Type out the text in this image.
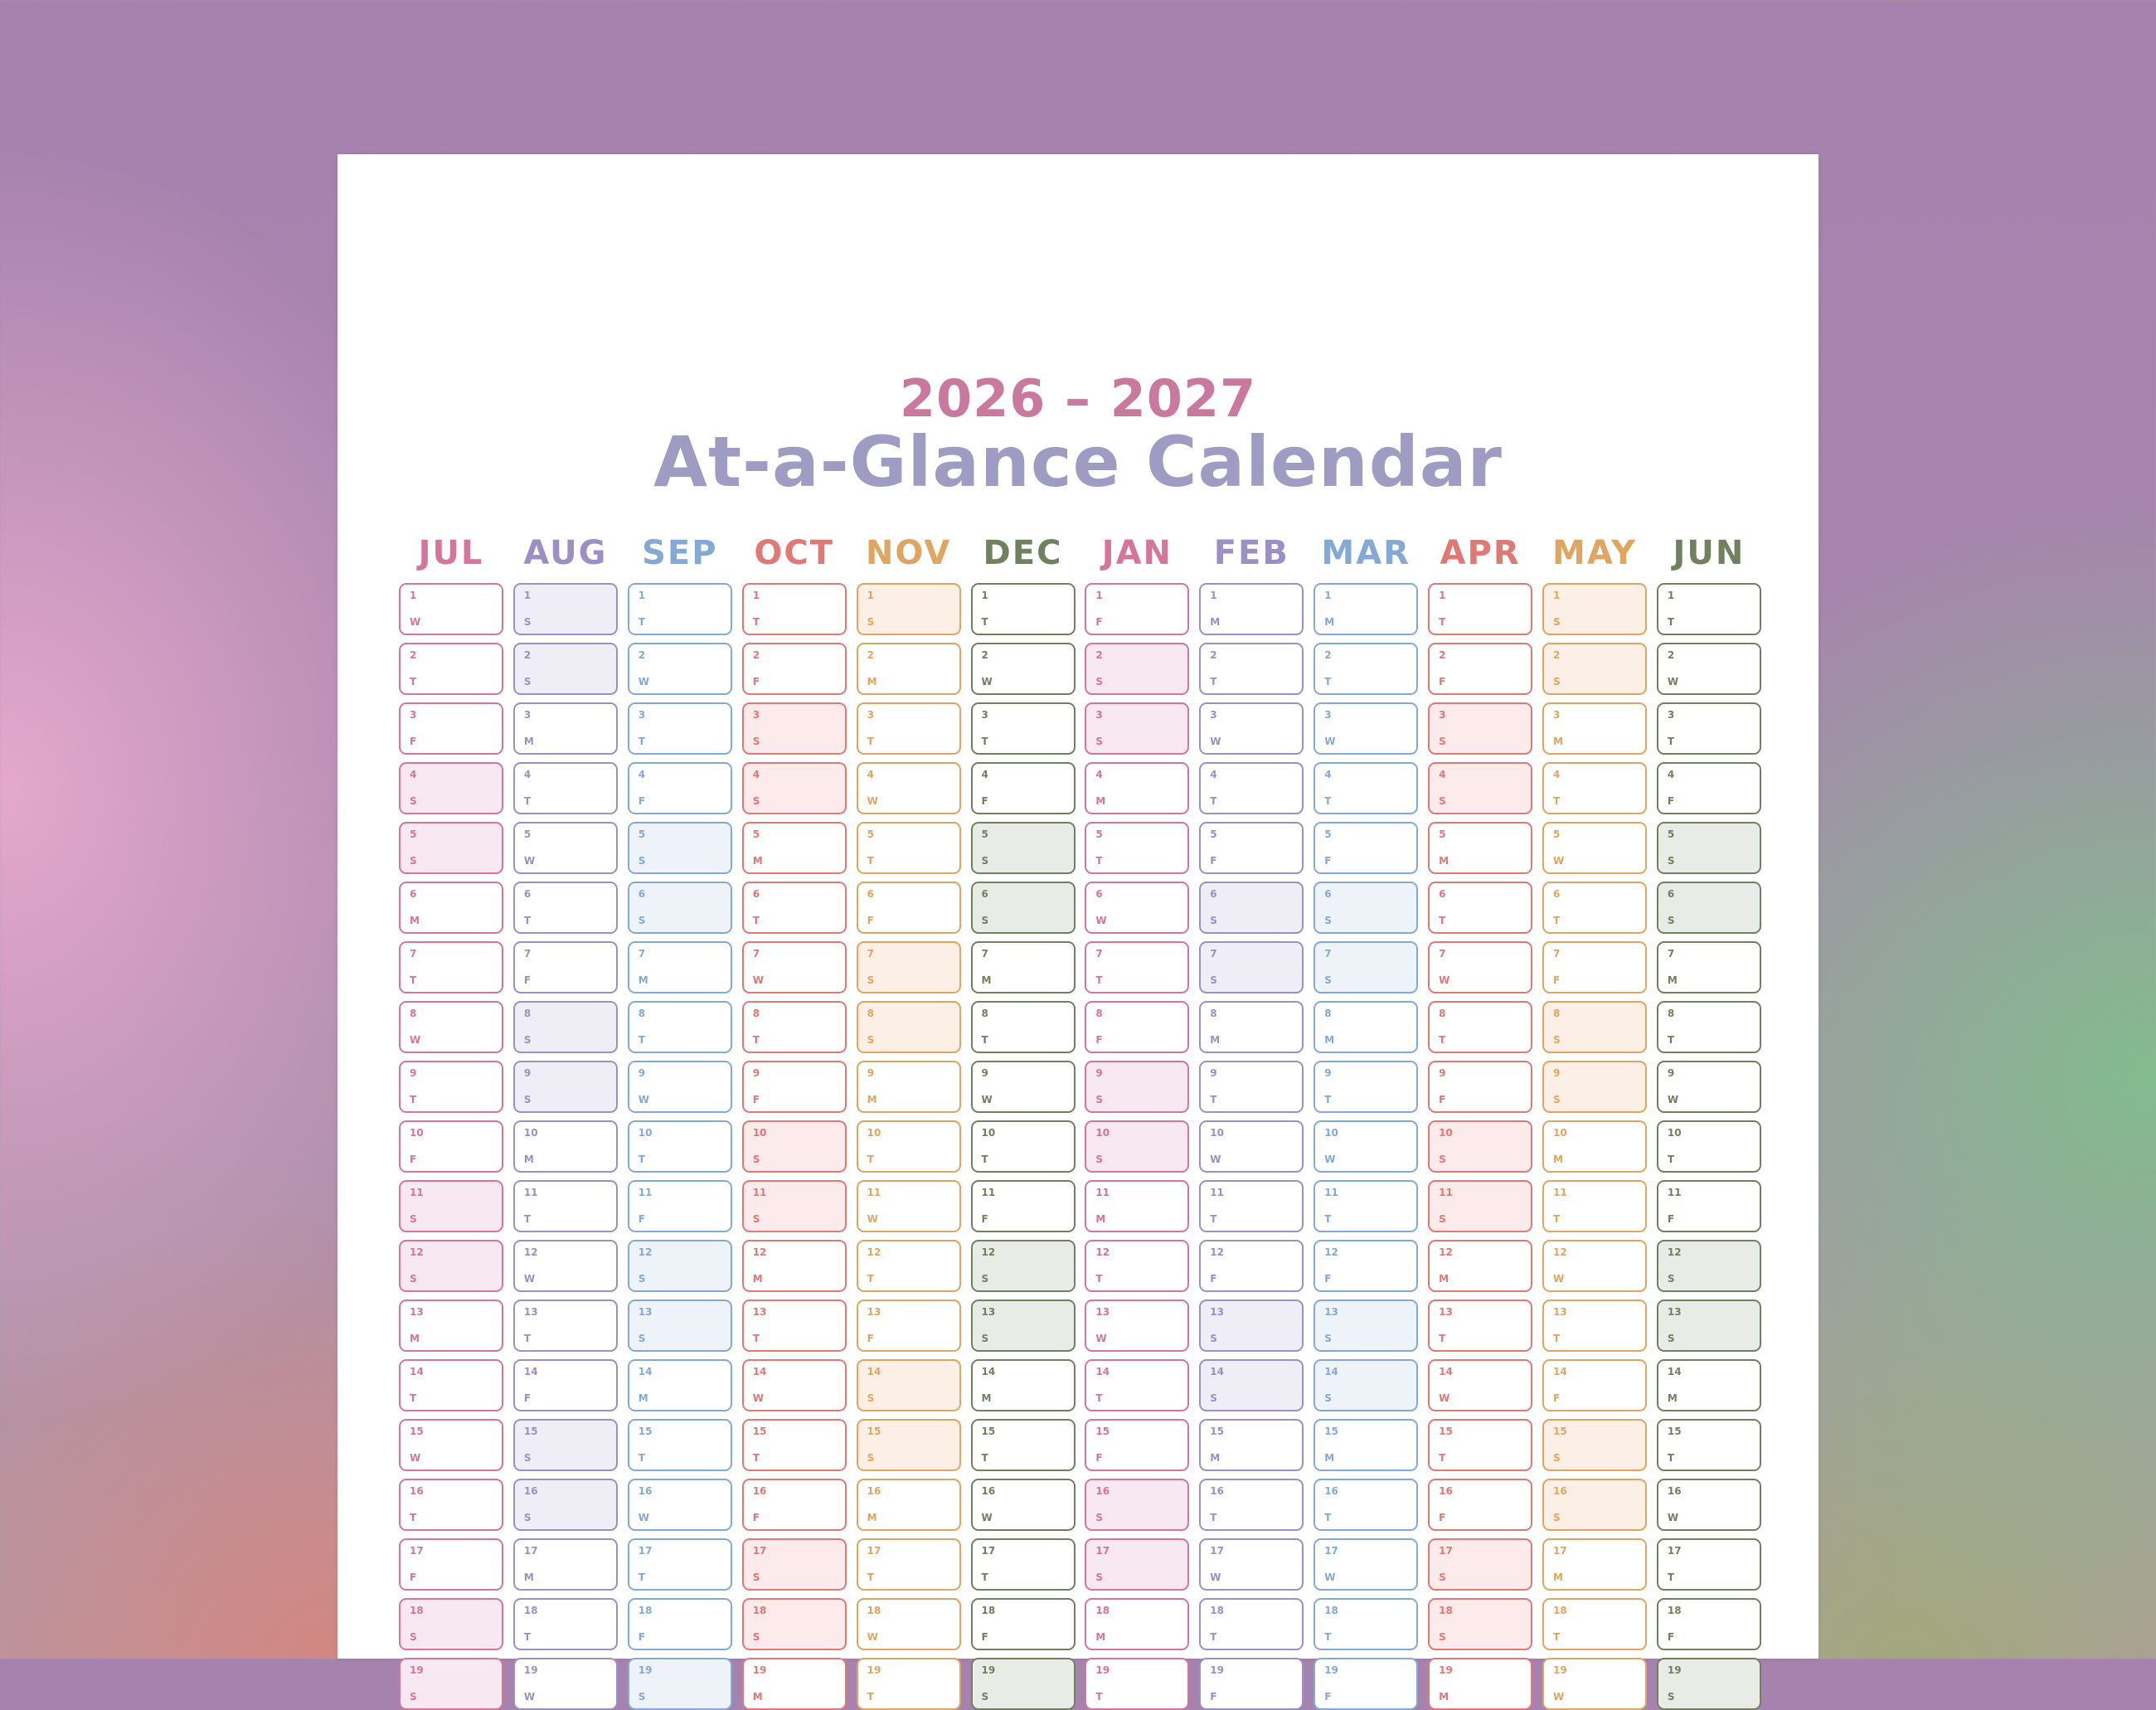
2026 – 2027
At-a-Glance Calendar
JUL
1
W
2
T
3
F
4
S
5
S
6
M
7
T
8
W
9
T
10
F
11
S
12
S
13
M
14
T
15
W
16
T
17
F
18
S
19
S
AUG
1
S
2
S
3
M
4
T
5
W
6
T
7
F
8
S
9
S
10
M
11
T
12
W
13
T
14
F
15
S
16
S
17
M
18
T
19
W
SEP
1
T
2
W
3
T
4
F
5
S
6
S
7
M
8
T
9
W
10
T
11
F
12
S
13
S
14
M
15
T
16
W
17
T
18
F
19
S
OCT
1
T
2
F
3
S
4
S
5
M
6
T
7
W
8
T
9
F
10
S
11
S
12
M
13
T
14
W
15
T
16
F
17
S
18
S
19
M
NOV
1
S
2
M
3
T
4
W
5
T
6
F
7
S
8
S
9
M
10
T
11
W
12
T
13
F
14
S
15
S
16
M
17
T
18
W
19
T
DEC
1
T
2
W
3
T
4
F
5
S
6
S
7
M
8
T
9
W
10
T
11
F
12
S
13
S
14
M
15
T
16
W
17
T
18
F
19
S
JAN
1
F
2
S
3
S
4
M
5
T
6
W
7
T
8
F
9
S
10
S
11
M
12
T
13
W
14
T
15
F
16
S
17
S
18
M
19
T
FEB
1
M
2
T
3
W
4
T
5
F
6
S
7
S
8
M
9
T
10
W
11
T
12
F
13
S
14
S
15
M
16
T
17
W
18
T
19
F
MAR
1
M
2
T
3
W
4
T
5
F
6
S
7
S
8
M
9
T
10
W
11
T
12
F
13
S
14
S
15
M
16
T
17
W
18
T
19
F
APR
1
T
2
F
3
S
4
S
5
M
6
T
7
W
8
T
9
F
10
S
11
S
12
M
13
T
14
W
15
T
16
F
17
S
18
S
19
M
MAY
1
S
2
S
3
M
4
T
5
W
6
T
7
F
8
S
9
S
10
M
11
T
12
W
13
T
14
F
15
S
16
S
17
M
18
T
19
W
JUN
1
T
2
W
3
T
4
F
5
S
6
S
7
M
8
T
9
W
10
T
11
F
12
S
13
S
14
M
15
T
16
W
17
T
18
F
19
S
